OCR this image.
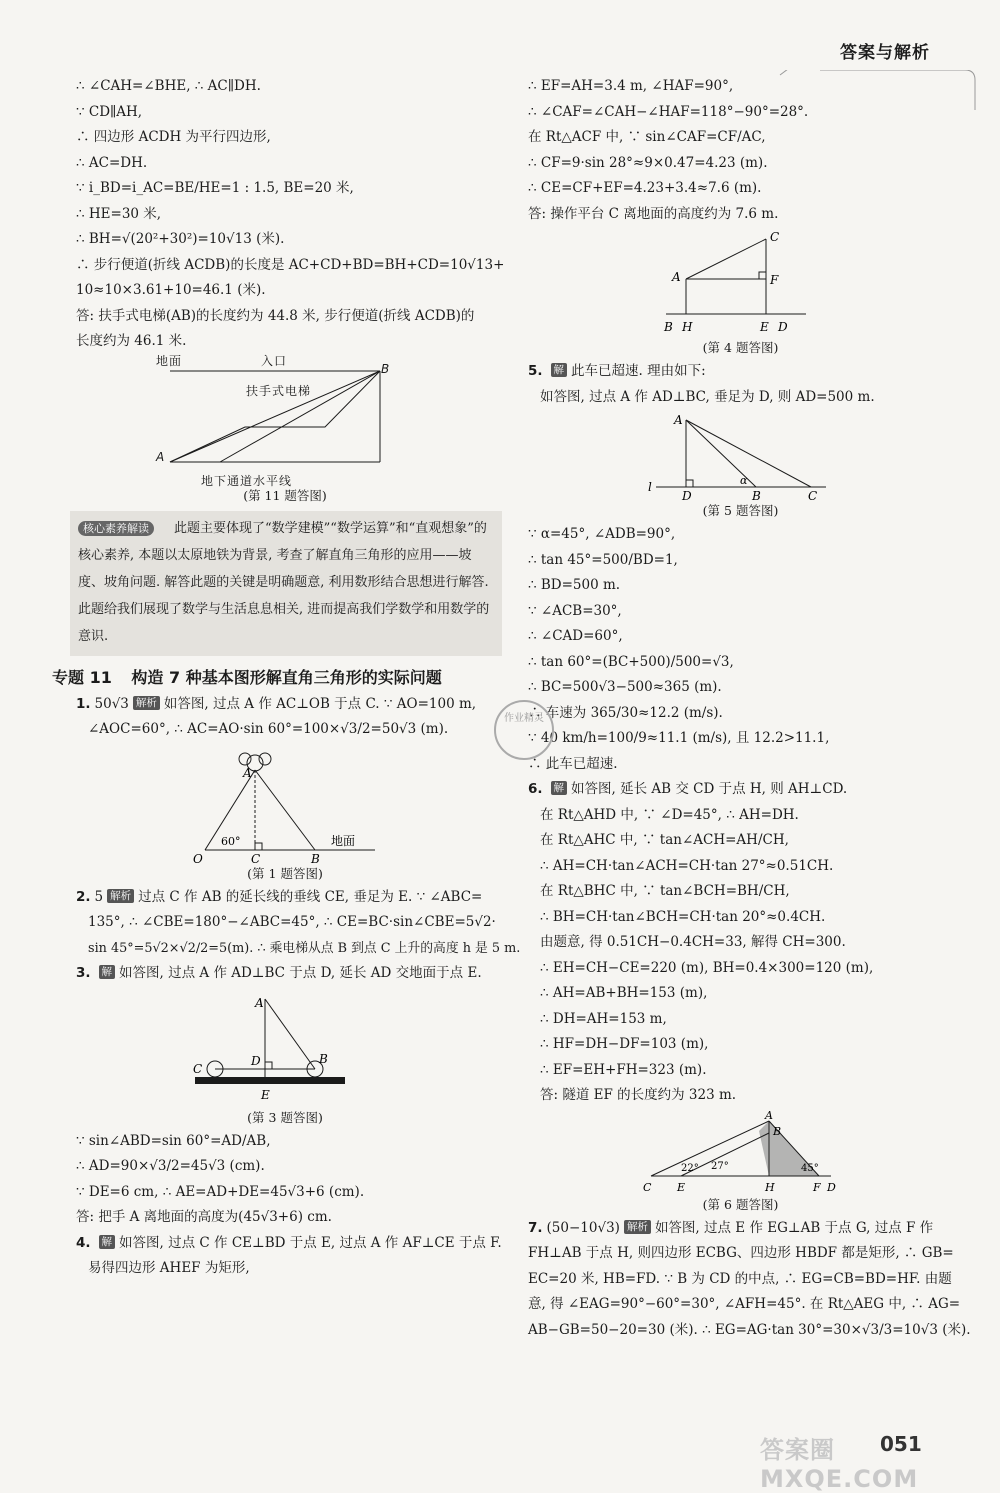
答案与解析
∴ ∠CAH=∠BHE, ∴ AC∥DH.
∵ CD∥AH,
∴ 四边形 ACDH 为平行四边形,
∴ AC=DH.
∵ i_BD=i_AC=BE/HE=1 : 1.5, BE=20 米,
∴ HE=30 米,
∴ BH=√(20²+30²)=10√13 (米).
∴ 步行便道(折线 ACDB)的长度是 AC+CD+BD=BH+CD=10√13+
10≈10×3.61+10=46.1 (米).
答: 扶手式电梯(AB)的长度约为 44.8 米, 步行便道(折线 ACDB)的
长度约为 46.1 米.
地面	入口
B
扶手式电梯
A
地下通道水平线
(第 11 题答图)
核心素养解读 此题主要体现了“数学建模”“数学运算”和“直观想象”的核心素养, 本题以太原地铁为背景, 考查了解直角三角形的应用——坡度、坡角问题. 解答此题的关键是明确题意, 利用数形结合思想进行解答. 此题给我们展现了数学与生活息息相关, 进而提高我们学数学和用数学的意识.
专题 11 构造 7 种基本图形解直角三角形的实际问题
1. 50√3 解析 如答图, 过点 A 作 AC⊥OB 于点 C. ∵ AO=100 m,
∠AOC=60°, ∴ AC=AO·sin 60°=100×√3/2=50√3 (m).
A
60°
O	C	B
地面
(第 1 题答图)
2. 5 解析 过点 C 作 AB 的延长线的垂线 CE, 垂足为 E. ∵ ∠ABC=
135°, ∴ ∠CBE=180°−∠ABC=45°, ∴ CE=BC·sin∠CBE=5√2·
sin 45°=5√2×√2/2=5(m). ∴ 乘电梯从点 B 到点 C 上升的高度 h 是 5 m.
3. 解 如答图, 过点 A 作 AD⊥BC 于点 D, 延长 AD 交地面于点 E.
A
B
C
D
E
(第 3 题答图)
∵ sin∠ABD=sin 60°=AD/AB,
∴ AD=90×√3/2=45√3 (cm).
∵ DE=6 cm, ∴ AE=AD+DE=45√3+6 (cm).
答: 把手 A 离地面的高度为(45√3+6) cm.
4. 解 如答图, 过点 C 作 CE⊥BD 于点 E, 过点 A 作 AF⊥CE 于点 F.
易得四边形 AHEF 为矩形,
∴ EF=AH=3.4 m, ∠HAF=90°,
∴ ∠CAF=∠CAH−∠HAF=118°−90°=28°.
在 Rt△ACF 中, ∵ sin∠CAF=CF/AC,
∴ CF=9·sin 28°≈9×0.47=4.23 (m).
∴ CE=CF+EF=4.23+3.4≈7.6 (m).
答: 操作平台 C 离地面的高度约为 7.6 m.
C
A	F
B H	E D
(第 4 题答图)
5. 解 此车已超速. 理由如下:
如答图, 过点 A 作 AD⊥BC, 垂足为 D, 则 AD=500 m.
A
l
D
α
B	C
(第 5 题答图)
∵ α=45°, ∠ADB=90°,
∴ tan 45°=500/BD=1,
∴ BD=500 m.
∵ ∠ACB=30°,
∴ ∠CAD=60°,
∴ tan 60°=(BC+500)/500=√3,
∴ BC=500√3−500≈365 (m).
∴ 车速为 365/30≈12.2 (m/s).
∵ 40 km/h=100/9≈11.1 (m/s), 且 12.2>11.1,
∴ 此车已超速.
6. 解 如答图, 延长 AB 交 CD 于点 H, 则 AH⊥CD.
在 Rt△AHD 中, ∵ ∠D=45°, ∴ AH=DH.
在 Rt△AHC 中, ∵ tan∠ACH=AH/CH,
∴ AH=CH·tan∠ACH=CH·tan 27°≈0.51CH.
在 Rt△BHC 中, ∵ tan∠BCH=BH/CH,
∴ BH=CH·tan∠BCH=CH·tan 20°≈0.4CH.
由题意, 得 0.51CH−0.4CH=33, 解得 CH=300.
∴ EH=CH−CE=220 (m), BH=0.4×300=120 (m),
∴ AH=AB+BH=153 (m),
∴ DH=AH=153 m,
∴ HF=DH−DF=103 (m),
∴ EF=EH+FH=323 (m).
答: 隧道 EF 的长度约为 323 m.
A
B
22° 27°	45°
C E	H	F D
(第 6 题答图)
7. (50−10√3) 解析 如答图, 过点 E 作 EG⊥AB 于点 G, 过点 F 作
FH⊥AB 于点 H, 则四边形 ECBG、四边形 HBDF 都是矩形, ∴ GB=
EC=20 米, HB=FD. ∵ B 为 CD 的中点, ∴ EG=CB=BD=HF. 由题
意, 得 ∠EAG=90°−60°=30°, ∠AFH=45°. 在 Rt△AEG 中, ∴ AG=
AB−GB=50−20=30 (米). ∴ EG=AG·tan 30°=30×√3/3=10√3 (米).
051
答案圈 MXQE.COM
作业精灵
